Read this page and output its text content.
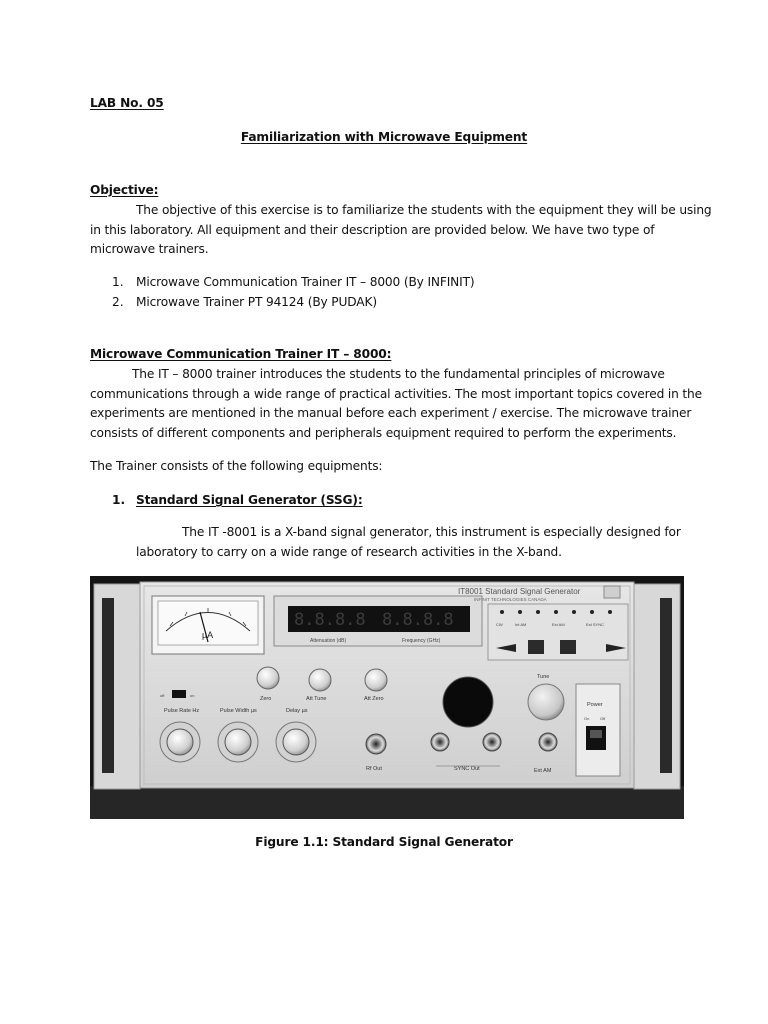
LAB No. 05
Familiarization with Microwave Equipment
Objective:
The objective of this exercise is to familiarize the students with the equipment they will be using
in this laboratory. All equipment and their description are provided below. We have two type of
microwave trainers.
1. Microwave Communication Trainer IT – 8000 (By INFINIT)
2. Microwave Trainer PT 94124 (By PUDAK)
Microwave Communication Trainer IT – 8000:
The IT – 8000 trainer introduces the students to the fundamental principles of microwave
communications through a wide range of practical activities. The most important topics covered in the
experiments are mentioned in the manual before each experiment / exercise. The microwave trainer
consists of different components and peripherals equipment required to perform the experiments.
The Trainer consists of the following equipments:
1. Standard Signal Generator (SSG):
The IT -8001 is a X-band signal generator, this instrument is especially designed for
laboratory to carry on a wide range of research activities in the X-band.
µA
8.8.8.8 8.8.8.8
Attenuation (dB)	Frequency (GHz)
IT8001 Standard Signal Generator
INFINIT TECHNOLOGIES CANADA
CW	Int AM	Ext AM	Ext SYNC
Zero	Att Tune	Att Zero
off	on
Tune
Pulse Rate Hz	Pulse Width µs	Delay µs
Rf Out	SYNC Out	Ext AM
Power
On	Off
Figure 1.1: Standard Signal Generator
